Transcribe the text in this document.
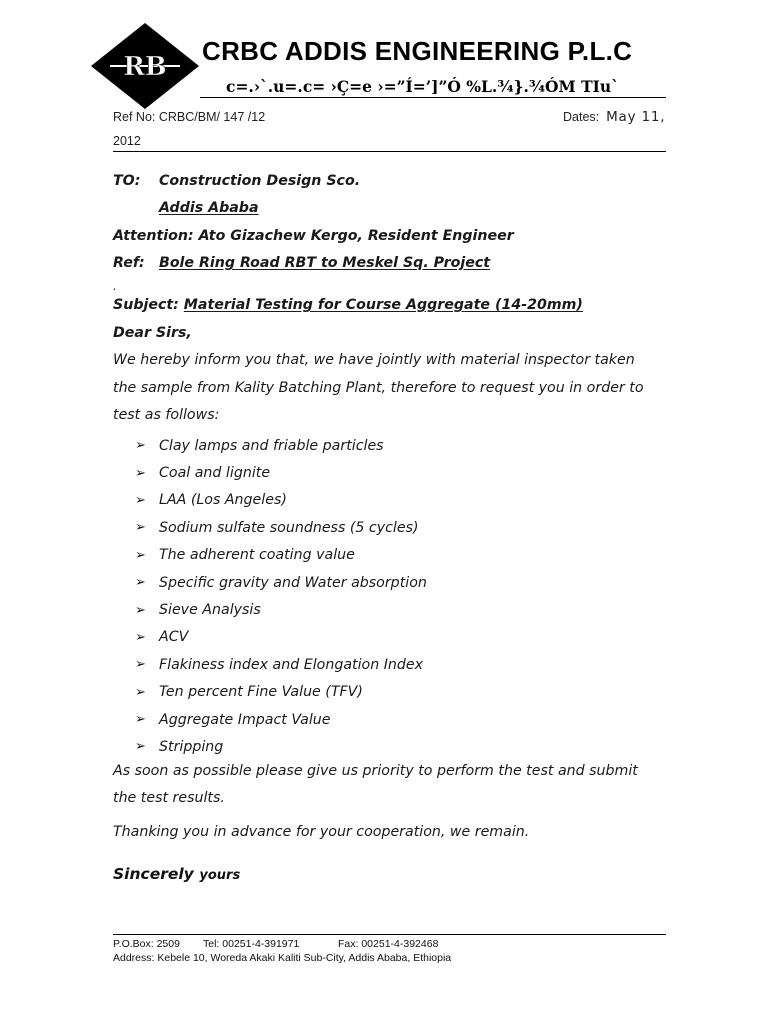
RB
CRBC ADDIS ENGINEERING P.L.C
c=.›`.u=.c= ›Ç=e ›=”Í=’]”Ó %L.¾}.¾ÓM TIu`
Ref No: CRBC/BM/ 147 /12	Dates: May 11,
2012
TO: Construction Design Sco.
Addis Ababa
Attention: Ato Gizachew Kergo, Resident Engineer
Ref: Bole Ring Road RBT to Meskel Sq. Project
.
Subject: Material Testing for Course Aggregate (14-20mm)
Dear Sirs,
We hereby inform you that, we have jointly with material inspector taken
the sample from Kality Batching Plant, therefore to request you in order to
test as follows:
➢ Clay lamps and friable particles
➢ Coal and lignite
➢ LAA (Los Angeles)
➢ Sodium sulfate soundness (5 cycles)
➢ The adherent coating value
➢ Specific gravity and Water absorption
➢ Sieve Analysis
➢ ACV
➢ Flakiness index and Elongation Index
➢ Ten percent Fine Value (TFV)
➢ Aggregate Impact Value
➢ Stripping
As soon as possible please give us priority to perform the test and submit
the test results.
Thanking you in advance for your cooperation, we remain.
Sincerely yours
P.O.Box: 2509 Tel: 00251-4-391971	Fax: 00251-4-392468
Address: Kebele 10, Woreda Akaki Kaliti Sub-City, Addis Ababa, Ethiopia
